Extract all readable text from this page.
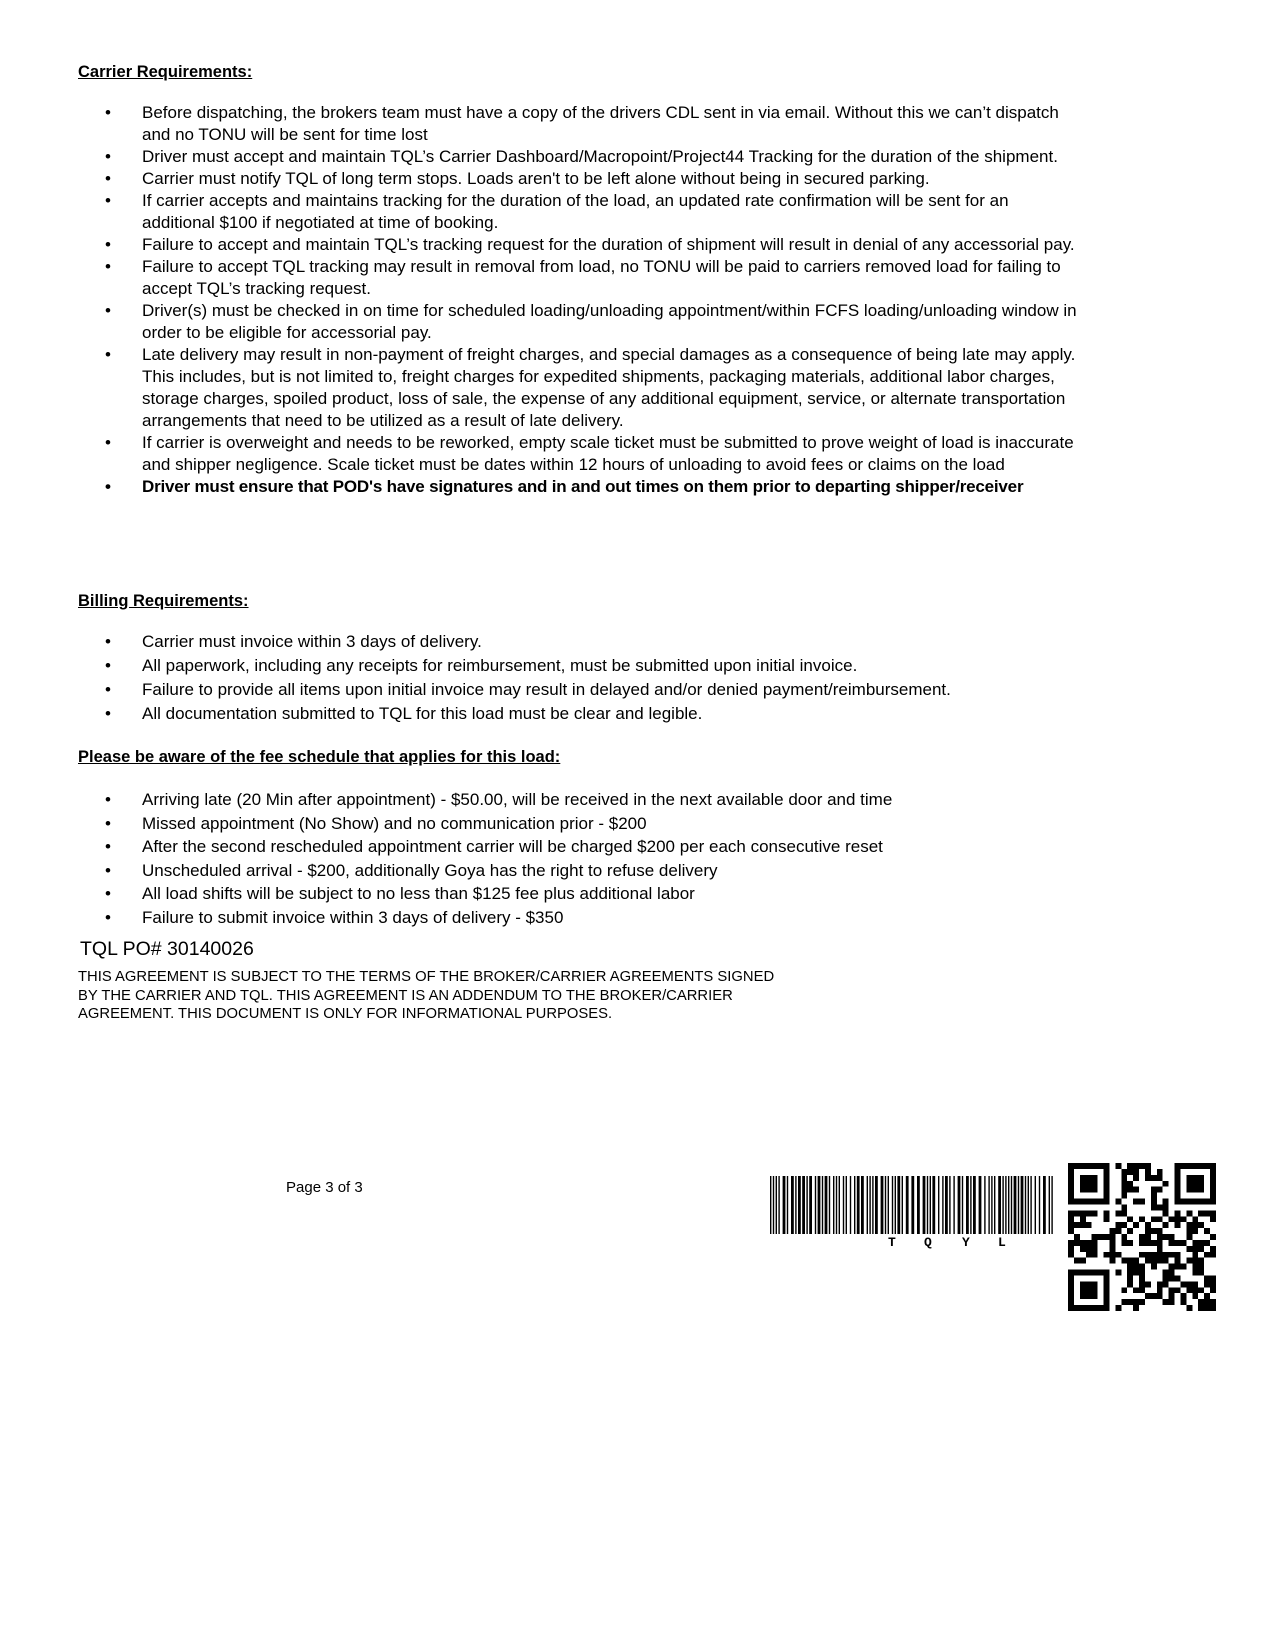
Carrier Requirements:
• Before dispatching, the brokers team must have a copy of the drivers CDL sent in via email. Without this we can’t dispatch and no TONU will be sent for time lost
• Driver must accept and maintain TQL’s Carrier Dashboard/Macropoint/Project44 Tracking for the duration of the shipment.
• Carrier must notify TQL of long term stops. Loads aren't to be left alone without being in secured parking.
• If carrier accepts and maintains tracking for the duration of the load, an updated rate confirmation will be sent for an additional $100 if negotiated at time of booking.
• Failure to accept and maintain TQL’s tracking request for the duration of shipment will result in denial of any accessorial pay.
• Failure to accept TQL tracking may result in removal from load, no TONU will be paid to carriers removed load for failing to accept TQL’s tracking request.
• Driver(s) must be checked in on time for scheduled loading/unloading appointment/within FCFS loading/unloading window in order to be eligible for accessorial pay.
• Late delivery may result in non-payment of freight charges, and special damages as a consequence of being late may apply. This includes, but is not limited to, freight charges for expedited shipments, packaging materials, additional labor charges, storage charges, spoiled product, loss of sale, the expense of any additional equipment, service, or alternate transportation arrangements that need to be utilized as a result of late delivery.
• If carrier is overweight and needs to be reworked, empty scale ticket must be submitted to prove weight of load is inaccurate and shipper negligence. Scale ticket must be dates within 12 hours of unloading to avoid fees or claims on the load
• Driver must ensure that POD's have signatures and in and out times on them prior to departing shipper/receiver
Billing Requirements:
• Carrier must invoice within 3 days of delivery.
• All paperwork, including any receipts for reimbursement, must be submitted upon initial invoice.
• Failure to provide all items upon initial invoice may result in delayed and/or denied payment/reimbursement.
• All documentation submitted to TQL for this load must be clear and legible.
Please be aware of the fee schedule that applies for this load:
• Arriving late (20 Min after appointment) - $50.00, will be received in the next available door and time
• Missed appointment (No Show) and no communication prior - $200
• After the second rescheduled appointment carrier will be charged $200 per each consecutive reset
• Unscheduled arrival - $200, additionally Goya has the right to refuse delivery
• All load shifts will be subject to no less than $125 fee plus additional labor
• Failure to submit invoice within 3 days of delivery - $350
TQL PO# 30140026
THIS AGREEMENT IS SUBJECT TO THE TERMS OF THE BROKER/CARRIER AGREEMENTS SIGNED BY THE CARRIER AND TQL. THIS AGREEMENT IS AN ADDENDUM TO THE BROKER/CARRIER AGREEMENT. THIS DOCUMENT IS ONLY FOR INFORMATIONAL PURPOSES.
Page 3 of 3
T Q Y L
